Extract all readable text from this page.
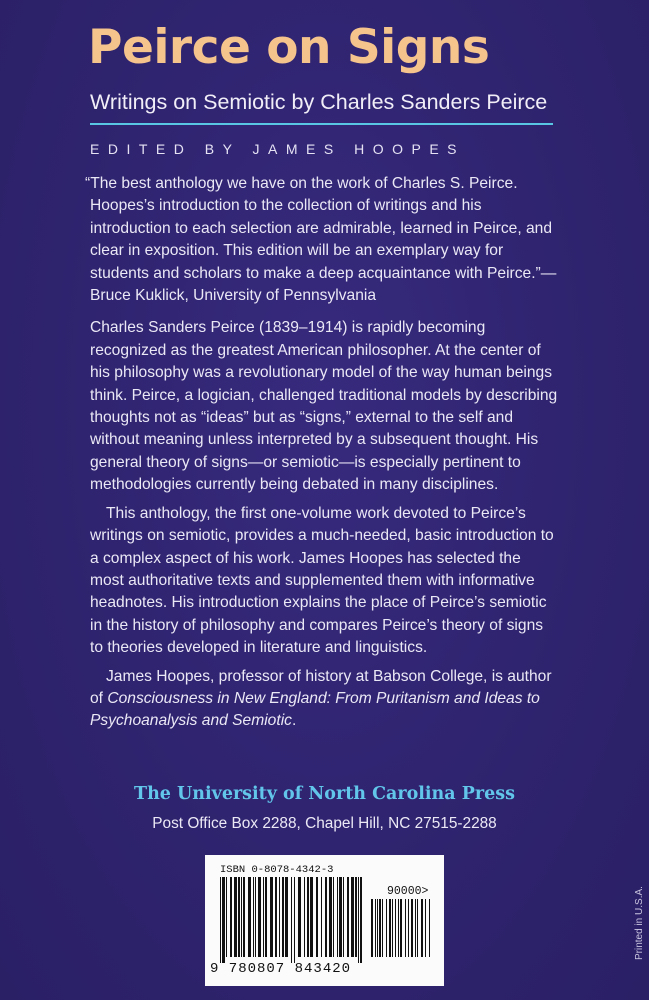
Peirce on Signs
Writings on Semiotic by Charles Sanders Peirce
EDITED BY JAMES HOOPES

“The best anthology we have on the work of Charles S. Peirce. Hoopes’s introduction to the collection of writings and his introduction to each selection are admirable, learned in Peirce, and clear in exposition. This edition will be an exemplary way for students and scholars to make a deep acquaintance with Peirce.”—Bruce Kuklick, University of Pennsylvania

Charles Sanders Peirce (1839–1914) is rapidly becoming recognized as the greatest American philosopher. At the center of his philosophy was a revolutionary model of the way human beings think. Peirce, a logician, challenged traditional models by describing thoughts not as “ideas” but as “signs,” external to the self and without meaning unless interpreted by a subsequent thought. His general theory of signs—or semiotic—is especially pertinent to methodologies currently being debated in many disciplines.

This anthology, the first one-volume work devoted to Peirce’s writings on semiotic, provides a much-needed, basic introduction to a complex aspect of his work. James Hoopes has selected the most authoritative texts and supplemented them with informative headnotes. His introduction explains the place of Peirce’s semiotic in the history of philosophy and compares Peirce’s theory of signs to theories developed in literature and linguistics.

James Hoopes, professor of history at Babson College, is author of Consciousness in New England: From Puritanism and Ideas to Psychoanalysis and Semiotic.

The University of North Carolina Press
Post Office Box 2288, Chapel Hill, NC 27515-2288
ISBN 0-8078-4342-3
90000>
9 780807 843420
Printed in U.S.A.
